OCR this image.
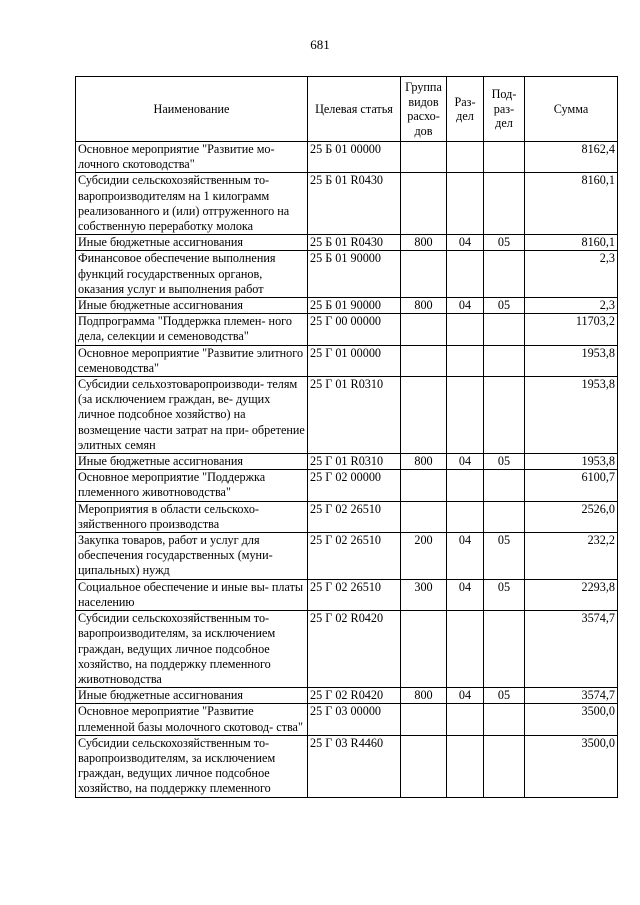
681
Наименование	Целевая статья	Группа видов расхо- дов	Раз- дел	Под- раз- дел	Сумма
Основное мероприятие "Развитие мо- лочного скотоводства"	25 Б 01 00000				8162,4
Субсидии сельскохозяйственным то- варопроизводителям на 1 килограмм реализованного и (или) отгруженного на собственную переработку молока	25 Б 01 R0430				8160,1
Иные бюджетные ассигнования	25 Б 01 R0430	800	04	05	8160,1
Финансовое обеспечение выполнения функций государственных органов, оказания услуг и выполнения работ	25 Б 01 90000				2,3
Иные бюджетные ассигнования	25 Б 01 90000	800	04	05	2,3
Подпрограмма "Поддержка племен- ного дела, селекции и семеноводства"	25 Г 00 00000				11703,2
Основное мероприятие "Развитие элитного семеноводства"	25 Г 01 00000				1953,8
Субсидии сельхозтоваропроизводи- телям (за исключением граждан, ве- дущих личное подсобное хозяйство) на возмещение части затрат на при- обретение элитных семян	25 Г 01 R0310				1953,8
Иные бюджетные ассигнования	25 Г 01 R0310	800	04	05	1953,8
Основное мероприятие "Поддержка племенного животноводства"	25 Г 02 00000				6100,7
Мероприятия в области сельскохо- зяйственного производства	25 Г 02 26510				2526,0
Закупка товаров, работ и услуг для обеспечения государственных (муни- ципальных) нужд	25 Г 02 26510	200	04	05	232,2
Социальное обеспечение и иные вы- платы населению	25 Г 02 26510	300	04	05	2293,8
Субсидии сельскохозяйственным то- варопроизводителям, за исключением граждан, ведущих личное подсобное хозяйство, на поддержку племенного животноводства	25 Г 02 R0420				3574,7
Иные бюджетные ассигнования	25 Г 02 R0420	800	04	05	3574,7
Основное мероприятие "Развитие племенной базы молочного скотовод- ства"	25 Г 03 00000				3500,0
Субсидии сельскохозяйственным то- варопроизводителям, за исключением граждан, ведущих личное подсобное хозяйство, на поддержку племенного	25 Г 03 R4460				3500,0
